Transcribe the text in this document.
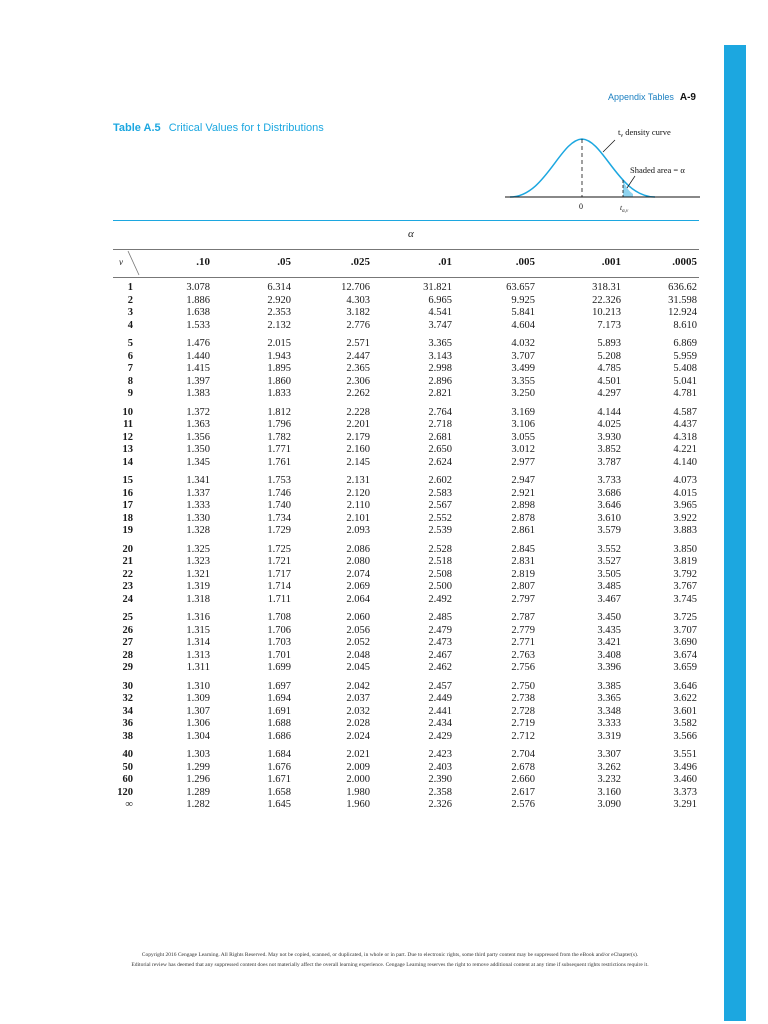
Appendix Tables A-9
Table A.5 Critical Values for t Distributions	$t_\nu$ density curve
Shaded area = α
0	$t_{\alpha,\nu}$
α
ν	.10	.05	.025	.01	.005	.001	.0005
1	3.078	6.314	12.706	31.821	63.657	318.31	636.62
2	1.886	2.920	4.303	6.965	9.925	22.326	31.598
3	1.638	2.353	3.182	4.541	5.841	10.213	12.924
4	1.533	2.132	2.776	3.747	4.604	7.173	8.610
5	1.476	2.015	2.571	3.365	4.032	5.893	6.869
6	1.440	1.943	2.447	3.143	3.707	5.208	5.959
7	1.415	1.895	2.365	2.998	3.499	4.785	5.408
8	1.397	1.860	2.306	2.896	3.355	4.501	5.041
9	1.383	1.833	2.262	2.821	3.250	4.297	4.781
10	1.372	1.812	2.228	2.764	3.169	4.144	4.587
11	1.363	1.796	2.201	2.718	3.106	4.025	4.437
12	1.356	1.782	2.179	2.681	3.055	3.930	4.318
13	1.350	1.771	2.160	2.650	3.012	3.852	4.221
14	1.345	1.761	2.145	2.624	2.977	3.787	4.140
15	1.341	1.753	2.131	2.602	2.947	3.733	4.073
16	1.337	1.746	2.120	2.583	2.921	3.686	4.015
17	1.333	1.740	2.110	2.567	2.898	3.646	3.965
18	1.330	1.734	2.101	2.552	2.878	3.610	3.922
19	1.328	1.729	2.093	2.539	2.861	3.579	3.883
20	1.325	1.725	2.086	2.528	2.845	3.552	3.850
21	1.323	1.721	2.080	2.518	2.831	3.527	3.819
22	1.321	1.717	2.074	2.508	2.819	3.505	3.792
23	1.319	1.714	2.069	2.500	2.807	3.485	3.767
24	1.318	1.711	2.064	2.492	2.797	3.467	3.745
25	1.316	1.708	2.060	2.485	2.787	3.450	3.725
26	1.315	1.706	2.056	2.479	2.779	3.435	3.707
27	1.314	1.703	2.052	2.473	2.771	3.421	3.690
28	1.313	1.701	2.048	2.467	2.763	3.408	3.674
29	1.311	1.699	2.045	2.462	2.756	3.396	3.659
30	1.310	1.697	2.042	2.457	2.750	3.385	3.646
32	1.309	1.694	2.037	2.449	2.738	3.365	3.622
34	1.307	1.691	2.032	2.441	2.728	3.348	3.601
36	1.306	1.688	2.028	2.434	2.719	3.333	3.582
38	1.304	1.686	2.024	2.429	2.712	3.319	3.566
40	1.303	1.684	2.021	2.423	2.704	3.307	3.551
50	1.299	1.676	2.009	2.403	2.678	3.262	3.496
60	1.296	1.671	2.000	2.390	2.660	3.232	3.460
120	1.289	1.658	1.980	2.358	2.617	3.160	3.373
∞	1.282	1.645	1.960	2.326	2.576	3.090	3.291
Copyright 2016 Cengage Learning. All Rights Reserved. May not be copied, scanned, or duplicated, in whole or in part. Due to electronic rights, some third party content may be suppressed from the eBook and/or eChapter(s).
Editorial review has deemed that any suppressed content does not materially affect the overall learning experience. Cengage Learning reserves the right to remove additional content at any time if subsequent rights restrictions require it.
